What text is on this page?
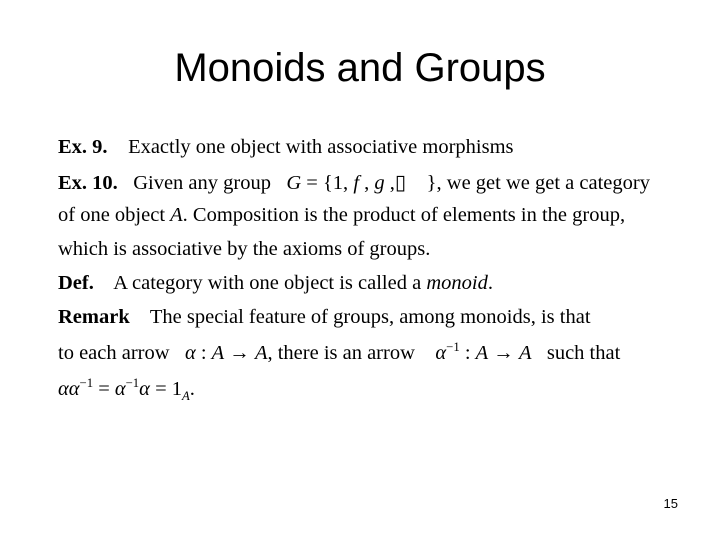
Monoids and Groups
Ex. 9. Exactly one object with associative morphisms
Ex. 10. Given any group G = {1, f , g ,▯ }, we get we get a category
of one object A. Composition is the product of elements in the group,
which is associative by the axioms of groups.
Def. A category with one object is called a monoid.
Remark The special feature of groups, among monoids, is that
to each arrow α : A → A, there is an arrow $\alpha^{-1}$ : A → A such that
$\alpha\alpha^{-1} = \alpha^{-1}\alpha = 1_A$.
15
